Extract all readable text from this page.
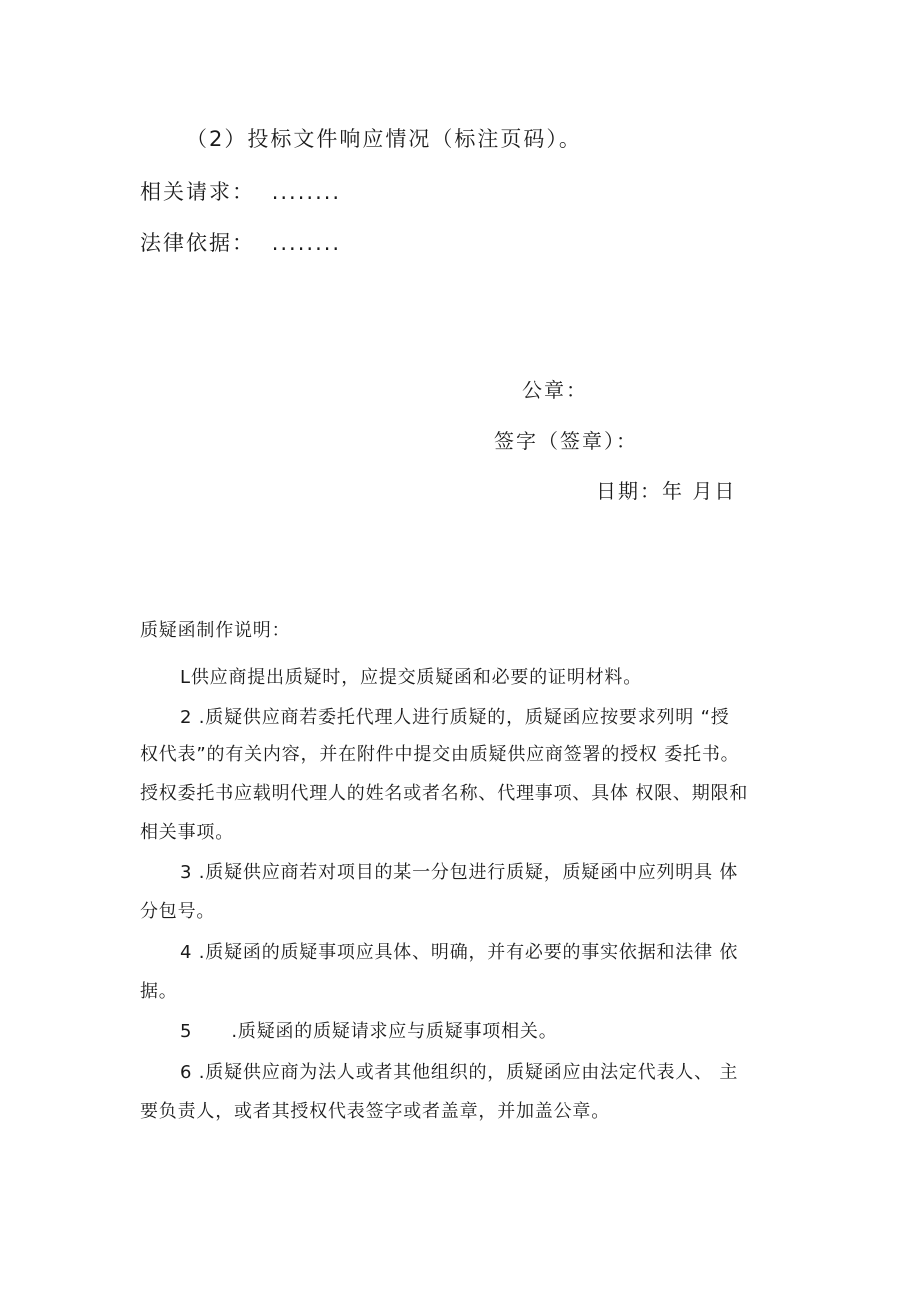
（2）投标文件响应情况（标注页码）。
相关请求： ........
法律依据： ........
公章：
签字（签章）：
日期：年 月日
质疑函制作说明：
L供应商提出质疑时，应提交质疑函和必要的证明材料。
2 .质疑供应商若委托代理人进行质疑的，质疑函应按要求列明 “授
权代表”的有关内容，并在附件中提交由质疑供应商签署的授权 委托书。
授权委托书应载明代理人的姓名或者名称、代理事项、具体 权限、期限和
相关事项。
3 .质疑供应商若对项目的某一分包进行质疑，质疑函中应列明具 体
分包号。
4 .质疑函的质疑事项应具体、明确，并有必要的事实依据和法律 依
据。
5      .质疑函的质疑请求应与质疑事项相关。
6 .质疑供应商为法人或者其他组织的，质疑函应由法定代表人、 主
要负责人，或者其授权代表签字或者盖章，并加盖公章。
